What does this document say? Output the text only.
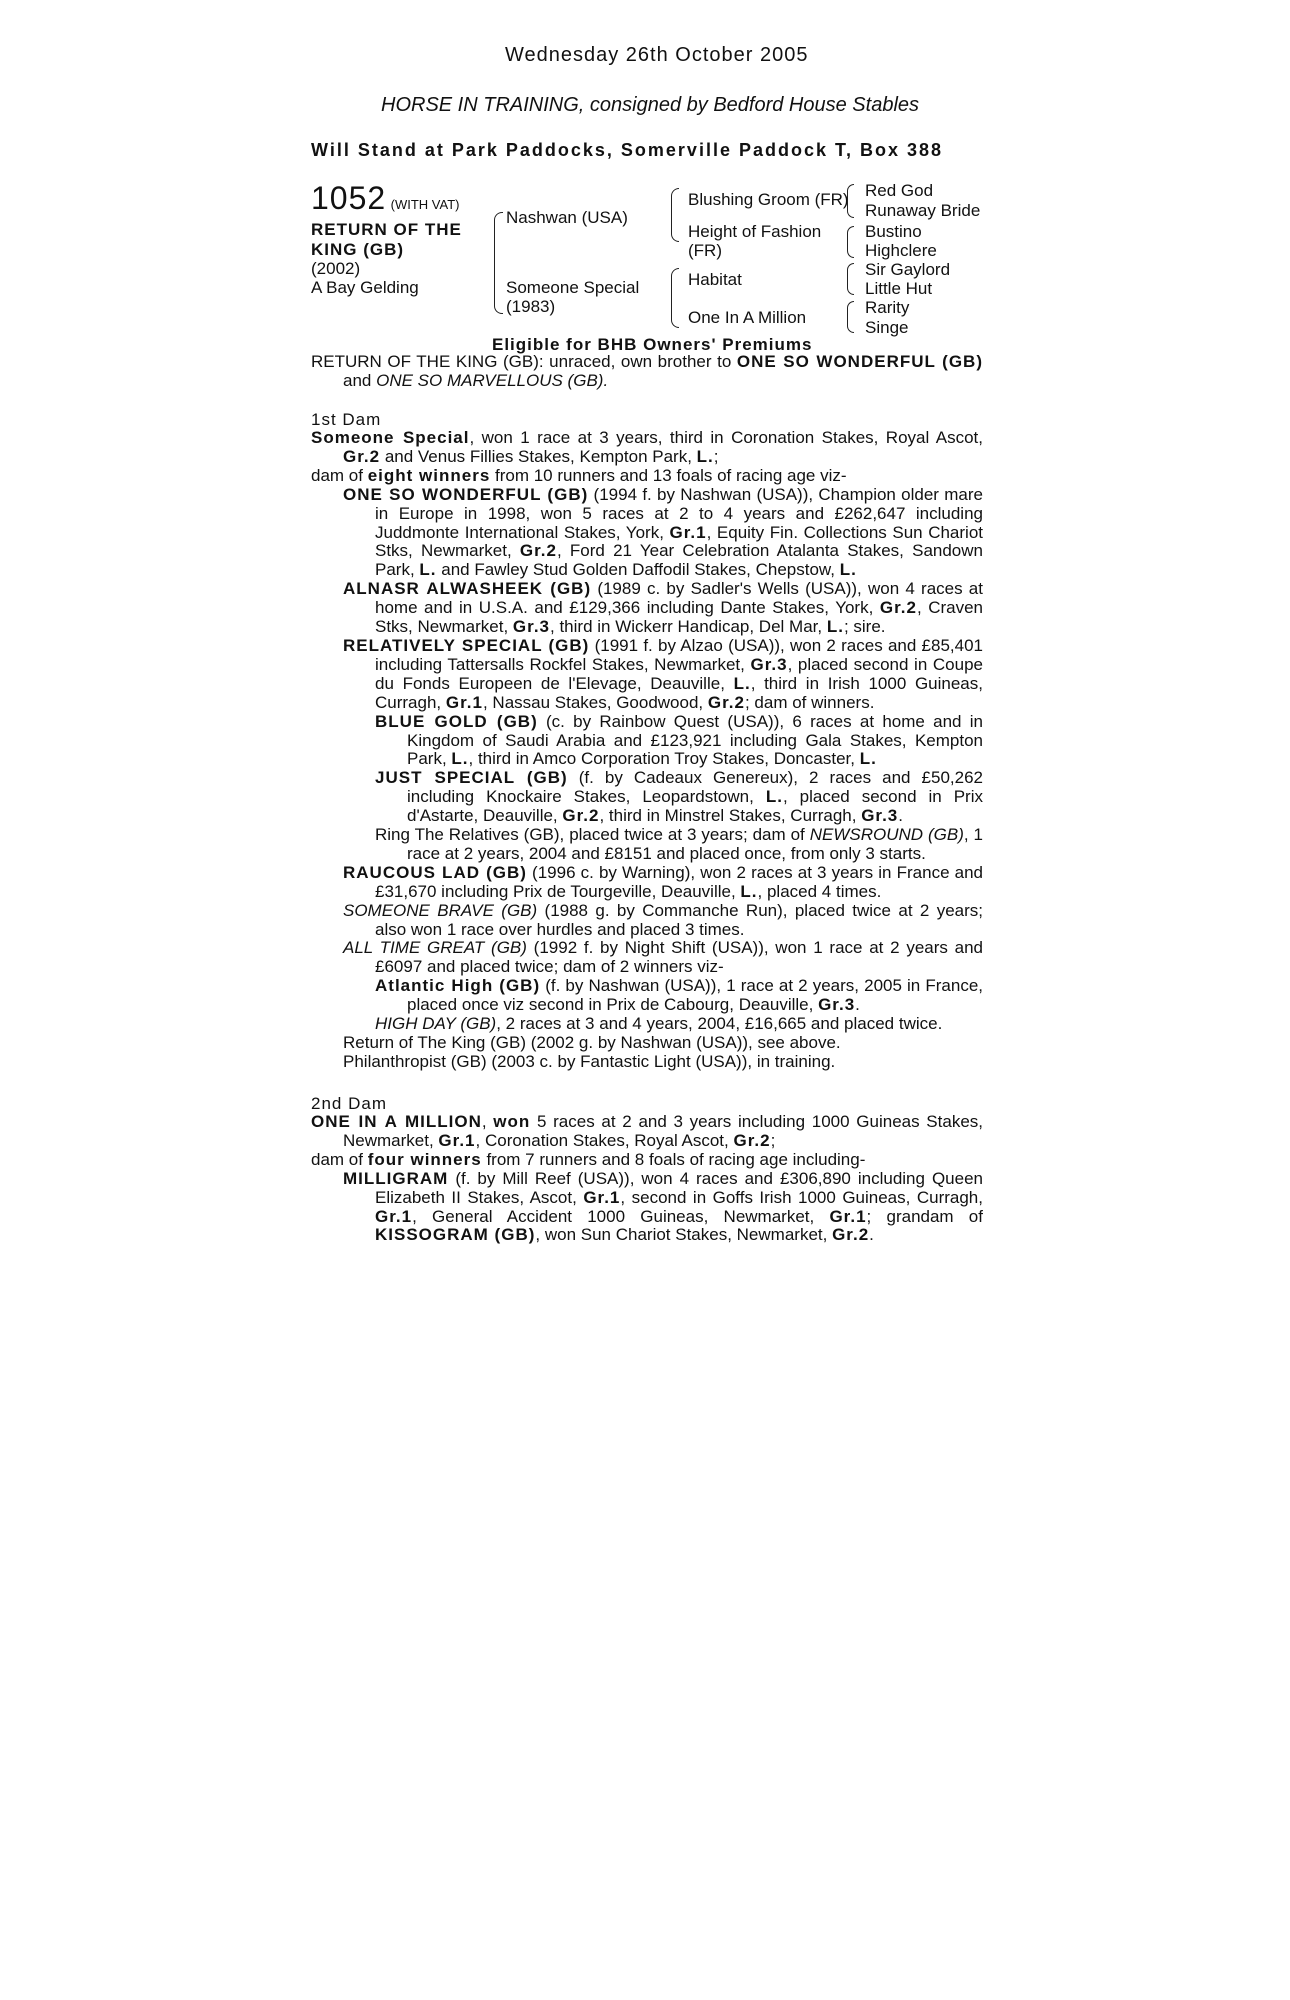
Wednesday 26th October 2005
HORSE IN TRAINING, consigned by Bedford House Stables
Will Stand at Park Paddocks, Somerville Paddock T, Box 388
1052 (WITH VAT)
RETURN OF THE
KING (GB)
(2002)
A Bay Gelding
Nashwan (USA)
Someone Special
(1983)
Blushing Groom (FR)
Height of Fashion
(FR)
Habitat
One In A Million
Red God
Runaway Bride
Bustino
Highclere
Sir Gaylord
Little Hut
Rarity
Singe
Eligible for BHB Owners' Premiums

RETURN OF THE KING (GB): unraced, own brother to ONE SO WONDERFUL (GB) and ONE SO MARVELLOUS (GB).

1st Dam

Someone Special, won 1 race at 3 years, third in Coronation Stakes, Royal Ascot, Gr.2 and Venus Fillies Stakes, Kempton Park, L.;

dam of eight winners from 10 runners and 13 foals of racing age viz-

ONE SO WONDERFUL (GB) (1994 f. by Nashwan (USA)), Champion older mare in Europe in 1998, won 5 races at 2 to 4 years and £262,647 including Juddmonte International Stakes, York, Gr.1, Equity Fin. Collections Sun Chariot Stks, Newmarket, Gr.2, Ford 21 Year Celebration Atalanta Stakes, Sandown Park, L. and Fawley Stud Golden Daffodil Stakes, Chepstow, L.

ALNASR ALWASHEEK (GB) (1989 c. by Sadler's Wells (USA)), won 4 races at home and in U.S.A. and £129,366 including Dante Stakes, York, Gr.2, Craven Stks, Newmarket, Gr.3, third in Wickerr Handicap, Del Mar, L.; sire.

RELATIVELY SPECIAL (GB) (1991 f. by Alzao (USA)), won 2 races and £85,401 including Tattersalls Rockfel Stakes, Newmarket, Gr.3, placed second in Coupe du Fonds Europeen de l'Elevage, Deauville, L., third in Irish 1000 Guineas, Curragh, Gr.1, Nassau Stakes, Goodwood, Gr.2; dam of winners.

BLUE GOLD (GB) (c. by Rainbow Quest (USA)), 6 races at home and in Kingdom of Saudi Arabia and £123,921 including Gala Stakes, Kempton Park, L., third in Amco Corporation Troy Stakes, Doncaster, L.

JUST SPECIAL (GB) (f. by Cadeaux Genereux), 2 races and £50,262 including Knockaire Stakes, Leopardstown, L., placed second in Prix d'Astarte, Deauville, Gr.2, third in Minstrel Stakes, Curragh, Gr.3.

Ring The Relatives (GB), placed twice at 3 years; dam of NEWSROUND (GB), 1 race at 2 years, 2004 and £8151 and placed once, from only 3 starts.

RAUCOUS LAD (GB) (1996 c. by Warning), won 2 races at 3 years in France and £31,670 including Prix de Tourgeville, Deauville, L., placed 4 times.

SOMEONE BRAVE (GB) (1988 g. by Commanche Run), placed twice at 2 years; also won 1 race over hurdles and placed 3 times.

ALL TIME GREAT (GB) (1992 f. by Night Shift (USA)), won 1 race at 2 years and £6097 and placed twice; dam of 2 winners viz-

Atlantic High (GB) (f. by Nashwan (USA)), 1 race at 2 years, 2005 in France, placed once viz second in Prix de Cabourg, Deauville, Gr.3.

HIGH DAY (GB), 2 races at 3 and 4 years, 2004, £16,665 and placed twice.

Return of The King (GB) (2002 g. by Nashwan (USA)), see above.

Philanthropist (GB) (2003 c. by Fantastic Light (USA)), in training.

2nd Dam

ONE IN A MILLION, won 5 races at 2 and 3 years including 1000 Guineas Stakes, Newmarket, Gr.1, Coronation Stakes, Royal Ascot, Gr.2;

dam of four winners from 7 runners and 8 foals of racing age including-

MILLIGRAM (f. by Mill Reef (USA)), won 4 races and £306,890 including Queen Elizabeth II Stakes, Ascot, Gr.1, second in Goffs Irish 1000 Guineas, Curragh, Gr.1, General Accident 1000 Guineas, Newmarket, Gr.1; grandam of KISSOGRAM (GB), won Sun Chariot Stakes, Newmarket, Gr.2.
